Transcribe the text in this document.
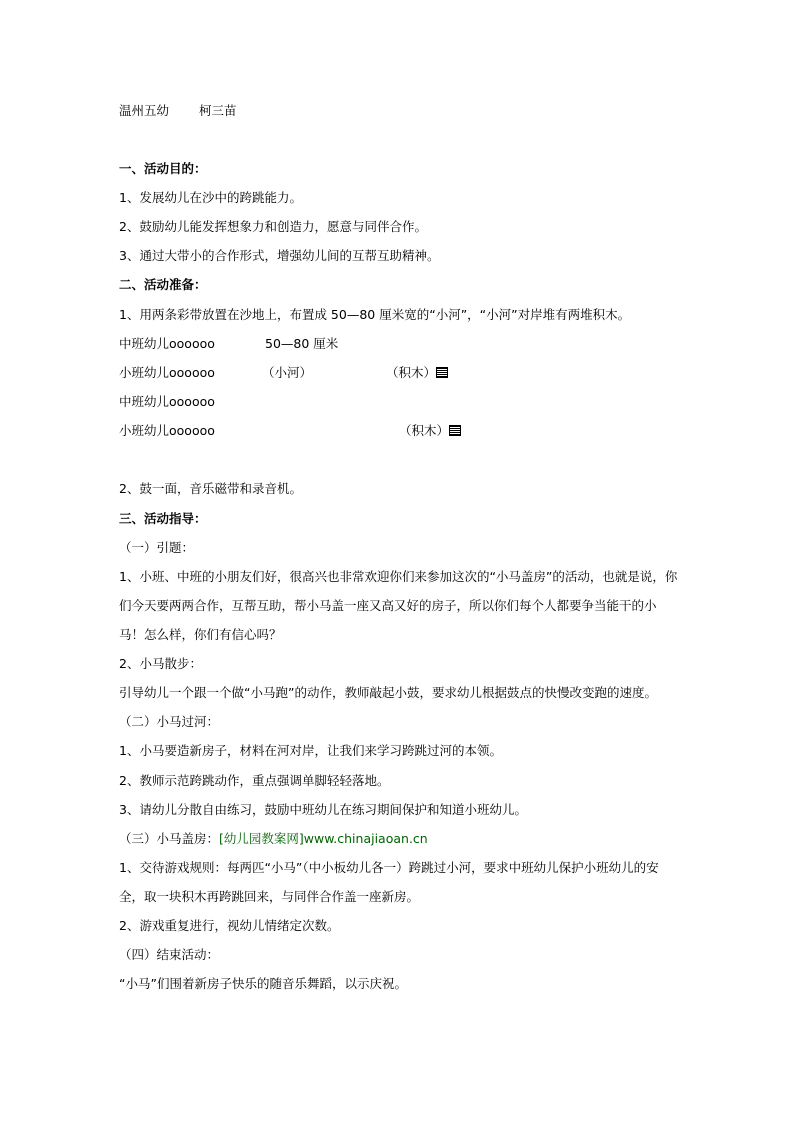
温州五幼 柯三苗
一、活动目的：
1、发展幼儿在沙中的跨跳能力。
2、鼓励幼儿能发挥想象力和创造力，愿意与同伴合作。
3、通过大带小的合作形式，增强幼儿间的互帮互助精神。
二、活动准备：
1、用两条彩带放置在沙地上，布置成 50—80 厘米宽的“小河”，“小河”对岸堆有两堆积木。
中班幼儿oooooo	50—80 厘米
小班幼儿oooooo	（小河）	（积木）
中班幼儿oooooo
小班幼儿oooooo	（积木）
2、鼓一面，音乐磁带和录音机。
三、活动指导：
（一）引题：
1、小班、中班的小朋友们好，很高兴也非常欢迎你们来参加这次的“小马盖房”的活动，也就是说，你们今天要两两合作，互帮互助，帮小马盖一座又高又好的房子，所以你们每个人都要争当能干的小马！怎么样，你们有信心吗？
2、小马散步：
引导幼儿一个跟一个做“小马跑”的动作，教师敲起小鼓，要求幼儿根据鼓点的快慢改变跑的速度。
（二）小马过河：
1、小马要造新房子，材料在河对岸，让我们来学习跨跳过河的本领。
2、教师示范跨跳动作，重点强调单脚轻轻落地。
3、请幼儿分散自由练习，鼓励中班幼儿在练习期间保护和知道小班幼儿。
（三）小马盖房：[幼儿园教案网]www.chinajiaoan.cn
1、交待游戏规则：每两匹“小马”（中小板幼儿各一）跨跳过小河，要求中班幼儿保护小班幼儿的安全，取一块积木再跨跳回来，与同伴合作盖一座新房。
2、游戏重复进行，视幼儿情绪定次数。
（四）结束活动：
“小马”们围着新房子快乐的随音乐舞蹈，以示庆祝。
